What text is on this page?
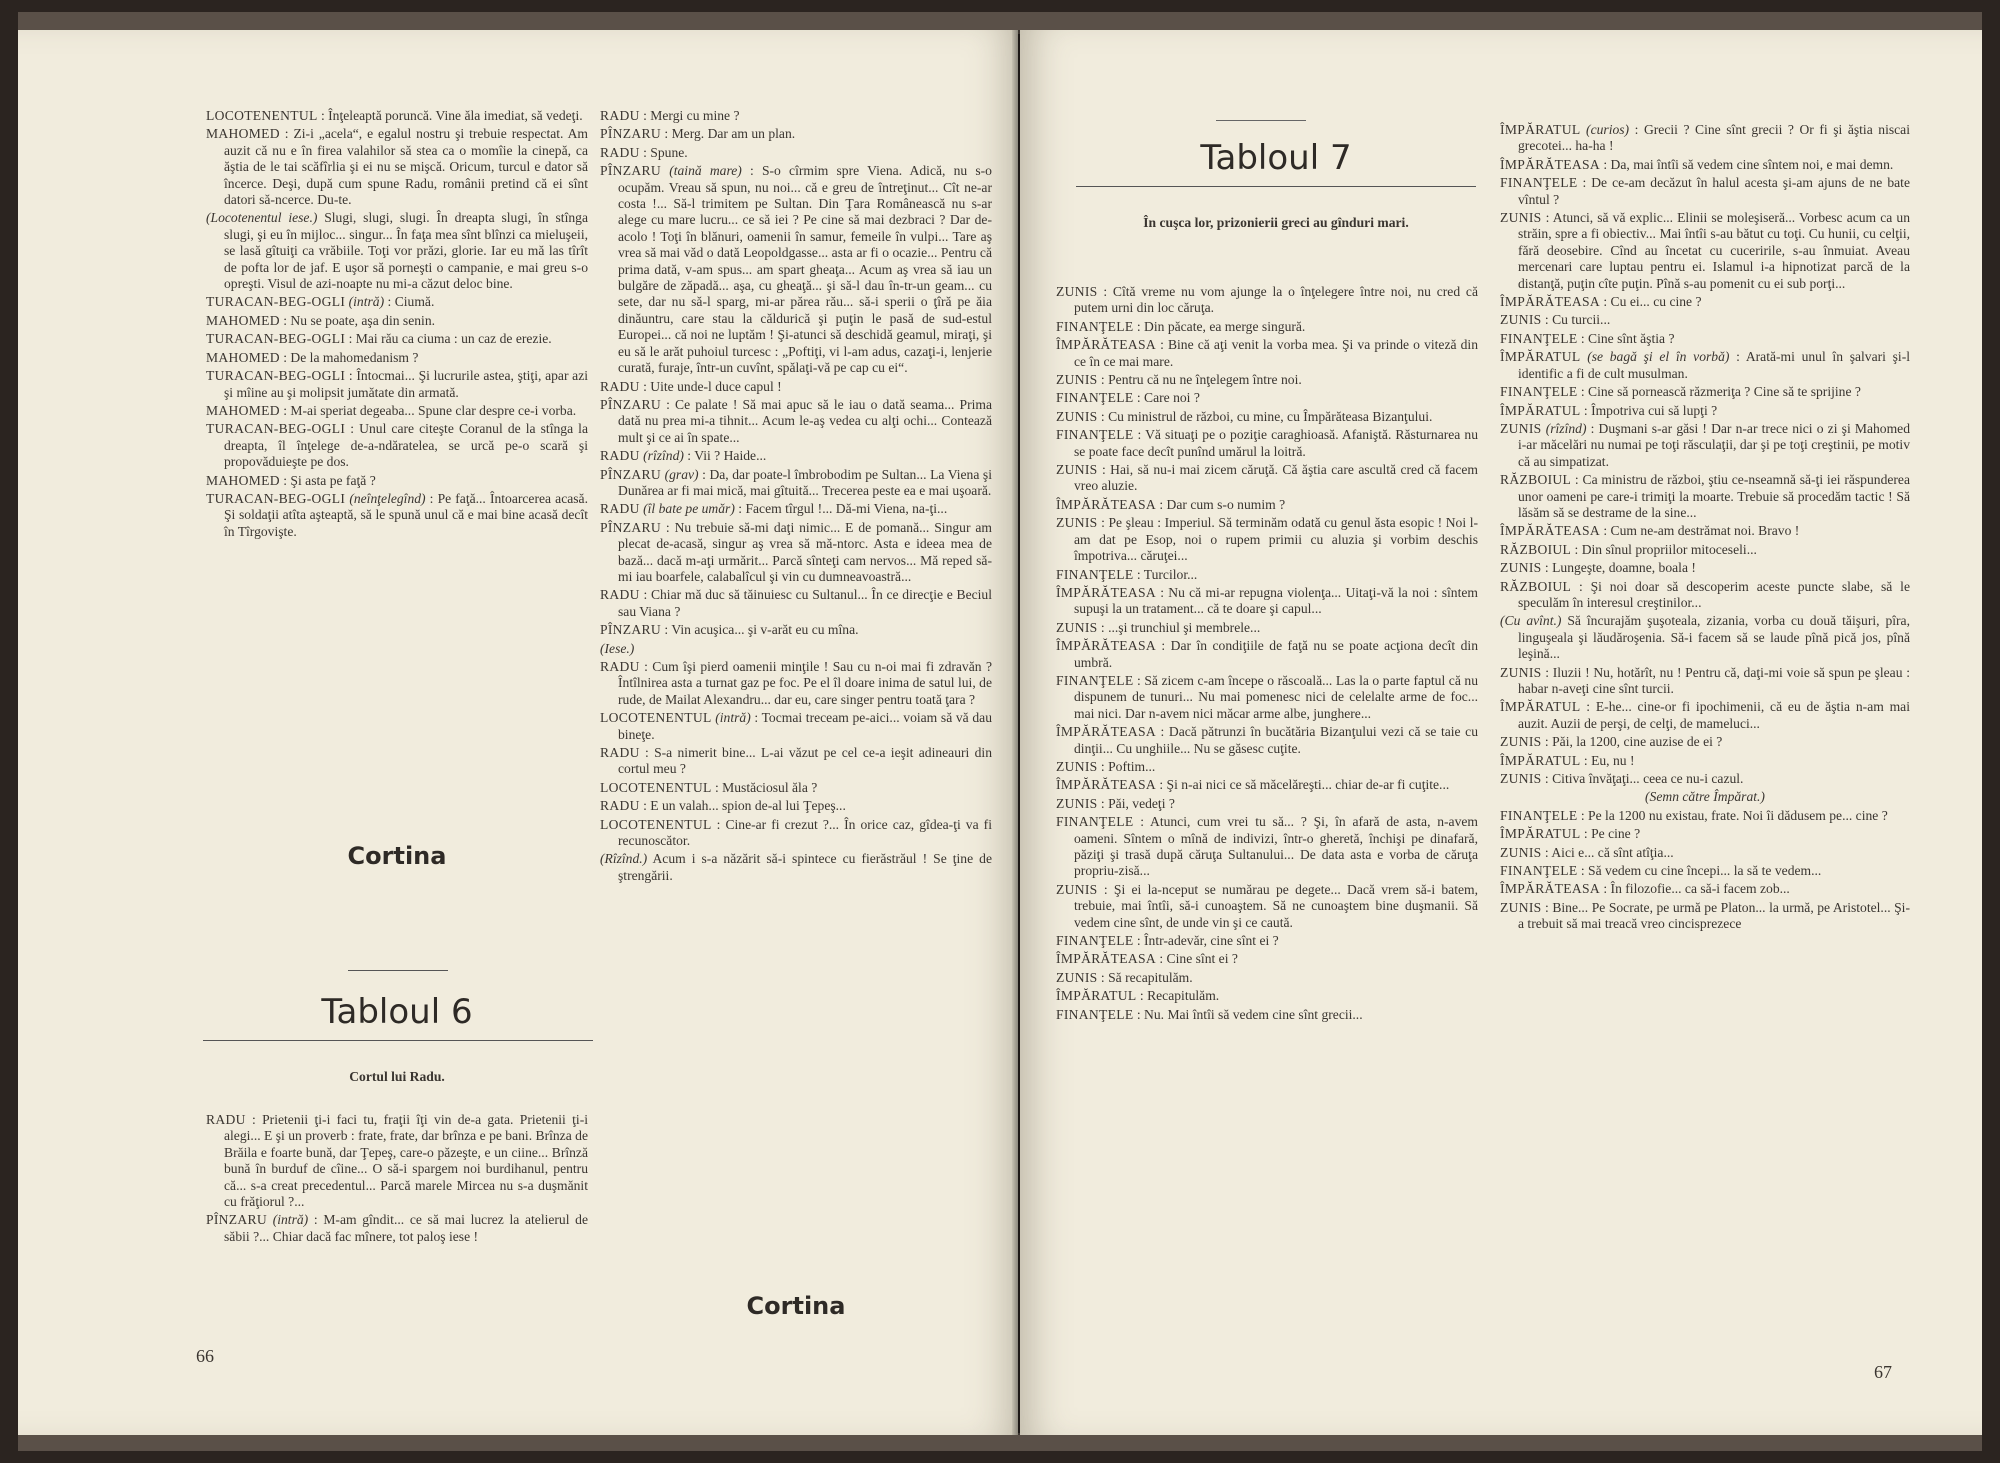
LOCOTENENTUL : Înţeleaptă poruncă. Vine ăla imediat, să vedeţi.

MAHOMED : Zi-i „acela“, e egalul nostru şi trebuie respectat. Am auzit că nu e în firea valahilor să stea ca o momîie la cinepă, ca ăştia de le tai scăfîrlia şi ei nu se mişcă. Oricum, turcul e dator să încerce. Deşi, după cum spune Radu, românii pretind că ei sînt datori să-ncerce. Du-te.

(Locotenentul iese.) Slugi, slugi, slugi. În dreapta slugi, în stînga slugi, şi eu în mijloc... singur... În faţa mea sînt blînzi ca mieluşeii, se lasă gîtuiţi ca vrăbiile. Toţi vor prăzi, glorie. Iar eu mă las tîrît de pofta lor de jaf. E uşor să porneşti o campanie, e mai greu s-o opreşti. Visul de azi-noapte nu mi-a căzut deloc bine.

TURACAN-BEG-OGLI (intră) : Ciumă.

MAHOMED : Nu se poate, aşa din senin.

TURACAN-BEG-OGLI : Mai rău ca ciuma : un caz de erezie.

MAHOMED : De la mahomedanism ?

TURACAN-BEG-OGLI : Întocmai... Şi lucrurile astea, ştiţi, apar azi şi mîine au şi molipsit jumătate din armată.

MAHOMED : M-ai speriat degeaba... Spune clar despre ce-i vorba.

TURACAN-BEG-OGLI : Unul care citeşte Coranul de la stînga la dreapta, îl înţelege de-a-ndăratelea, se urcă pe-o scară şi propovăduieşte pe dos.

MAHOMED : Şi asta pe faţă ?

TURACAN-BEG-OGLI (neînţelegînd) : Pe faţă... Întoarcerea acasă. Şi soldaţii atîta aşteaptă, să le spună unul că e mai bine acasă decît în Tîrgovişte.

Cortina
Tabloul 6
Cortul lui Radu.

RADU : Prietenii ţi-i faci tu, fraţii îţi vin de-a gata. Prietenii ţi-i alegi... E şi un proverb : frate, frate, dar brînza e pe bani. Brînza de Brăila e foarte bună, dar Ţepeş, care-o păzeşte, e un ciine... Brînză bună în burduf de cîine... O să-i spargem noi burdihanul, pentru că... s-a creat precedentul... Parcă marele Mircea nu s-a duşmănit cu frăţiorul ?...

PÎNZARU (intră) : M-am gîndit... ce să mai lucrez la atelierul de săbii ?... Chiar dacă fac mînere, tot paloş iese !

RADU : Mergi cu mine ?

PÎNZARU : Merg. Dar am un plan.

RADU : Spune.

PÎNZARU (taină mare) : S-o cîrmim spre Viena. Adică, nu s-o ocupăm. Vreau să spun, nu noi... că e greu de întreţinut... Cît ne-ar costa !... Să-l trimitem pe Sultan. Din Ţara Românească nu s-ar alege cu mare lucru... ce să iei ? Pe cine să mai dezbraci ? Dar de-acolo ! Toţi în blănuri, oamenii în samur, femeile în vulpi... Tare aş vrea să mai văd o dată Leopoldgasse... asta ar fi o ocazie... Pentru că prima dată, v-am spus... am spart gheaţa... Acum aş vrea să iau un bulgăre de zăpadă... aşa, cu gheaţă... şi să-l dau în-tr-un geam... cu sete, dar nu să-l sparg, mi-ar părea rău... să-i sperii o ţîră pe ăia dinăuntru, care stau la căldurică şi puţin le pasă de sud-estul Europei... că noi ne luptăm ! Şi-atunci să deschidă geamul, miraţi, şi eu să le arăt puhoiul turcesc : „Poftiţi, vi l-am adus, cazaţi-i, lenjerie curată, furaje, într-un cuvînt, spălaţi-vă pe cap cu ei“.

RADU : Uite unde-l duce capul !

PÎNZARU : Ce palate ! Să mai apuc să le iau o dată seama... Prima dată nu prea mi-a tihnit... Acum le-aş vedea cu alţi ochi... Contează mult şi ce ai în spate...

RADU (rîzînd) : Vii ? Haide...

PÎNZARU (grav) : Da, dar poate-l îmbrobodim pe Sultan... La Viena şi Dunărea ar fi mai mică, mai gîtuită... Trecerea peste ea e mai uşoară.

RADU (îl bate pe umăr) : Facem tîrgul !... Dă-mi Viena, na-ţi...

PÎNZARU : Nu trebuie să-mi daţi nimic... E de pomană... Singur am plecat de-acasă, singur aş vrea să mă-ntorc. Asta e ideea mea de bază... dacă m-aţi urmărit... Parcă sînteţi cam nervos... Mă reped să-mi iau boarfele, calabalîcul şi vin cu dumneavoastră...

RADU : Chiar mă duc să tăinuiesc cu Sultanul... În ce direcţie e Beciul sau Viana ?

PÎNZARU : Vin acuşica... şi v-arăt eu cu mîna.

(Iese.)

RADU : Cum îşi pierd oamenii minţile ! Sau cu n-oi mai fi zdravăn ? Întîlnirea asta a turnat gaz pe foc. Pe el îl doare inima de satul lui, de rude, de Mailat Alexandru... dar eu, care singer pentru toată ţara ?

LOCOTENENTUL (intră) : Tocmai treceam pe-aici... voiam să vă dau bineţe.

RADU : S-a nimerit bine... L-ai văzut pe cel ce-a ieşit adineauri din cortul meu ?

LOCOTENENTUL : Mustăciosul ăla ?

RADU : E un valah... spion de-al lui Ţepeş...

LOCOTENENTUL : Cine-ar fi crezut ?... În orice caz, gîdea-ţi va fi recunoscător.

(Rîzînd.) Acum i s-a năzărit să-i spintece cu fierăstrăul ! Se ţine de ştrengării.

Cortina
66
Tabloul 7
În cuşca lor, prizonierii greci au gînduri mari.

ZUNIS : Cîtă vreme nu vom ajunge la o înţelegere între noi, nu cred că putem urni din loc căruţa.

FINANŢELE : Din păcate, ea merge singură.

ÎMPĂRĂTEASA : Bine că aţi venit la vorba mea. Şi va prinde o viteză din ce în ce mai mare.

ZUNIS : Pentru că nu ne înţelegem între noi.

FINANŢELE : Care noi ?

ZUNIS : Cu ministrul de război, cu mine, cu Împărăteasa Bizanţului.

FINANŢELE : Vă situaţi pe o poziţie caraghioasă. Afaniştă. Răsturnarea nu se poate face decît punînd umărul la loitră.

ZUNIS : Hai, să nu-i mai zicem căruţă. Că ăştia care ascultă cred că facem vreo aluzie.

ÎMPĂRĂTEASA : Dar cum s-o numim ?

ZUNIS : Pe şleau : Imperiul. Să terminăm odată cu genul ăsta esopic ! Noi l-am dat pe Esop, noi o rupem primii cu aluzia şi vorbim deschis împotriva... căruţei...

FINANŢELE : Turcilor...

ÎMPĂRĂTEASA : Nu că mi-ar repugna violenţa... Uitaţi-vă la noi : sîntem supuşi la un tratament... că te doare şi capul...

ZUNIS : ...şi trunchiul şi membrele...

ÎMPĂRĂTEASA : Dar în condiţiile de faţă nu se poate acţiona decît din umbră.

FINANŢELE : Să zicem c-am începe o răscoală... Las la o parte faptul că nu dispunem de tunuri... Nu mai pomenesc nici de celelalte arme de foc... mai nici. Dar n-avem nici măcar arme albe, junghere...

ÎMPĂRĂTEASA : Dacă pătrunzi în bucătăria Bizanţului vezi că se taie cu dinţii... Cu unghiile... Nu se găsesc cuţite.

ZUNIS : Poftim...

ÎMPĂRĂTEASA : Şi n-ai nici ce să măcelăreşti... chiar de-ar fi cuţite...

ZUNIS : Păi, vedeţi ?

FINANŢELE : Atunci, cum vrei tu să... ? Şi, în afară de asta, n-avem oameni. Sîntem o mînă de indivizi, într-o gheretă, închişi pe dinafară, păziţi şi trasă după căruţa Sultanului... De data asta e vorba de căruţa propriu-zisă...

ZUNIS : Şi ei la-nceput se numărau pe degete... Dacă vrem să-i batem, trebuie, mai întîi, să-i cunoaştem. Să ne cunoaştem bine duşmanii. Să vedem cine sînt, de unde vin şi ce caută.

FINANŢELE : Într-adevăr, cine sînt ei ?

ÎMPĂRĂTEASA : Cine sînt ei ?

ZUNIS : Să recapitulăm.

ÎMPĂRATUL : Recapitulăm.

FINANŢELE : Nu. Mai întîi să vedem cine sînt grecii...

ÎMPĂRATUL (curios) : Grecii ? Cine sînt grecii ? Or fi şi ăştia niscai grecotei... ha-ha !

ÎMPĂRĂTEASA : Da, mai întîi să vedem cine sîntem noi, e mai demn.

FINANŢELE : De ce-am decăzut în halul acesta şi-am ajuns de ne bate vîntul ?

ZUNIS : Atunci, să vă explic... Elinii se moleşiseră... Vorbesc acum ca un străin, spre a fi obiectiv... Mai întîi s-au bătut cu toţi. Cu hunii, cu celţii, fără deosebire. Cînd au încetat cu cuceririle, s-au înmuiat. Aveau mercenari care luptau pentru ei. Islamul i-a hipnotizat parcă de la distanţă, puţin cîte puţin. Pînă s-au pomenit cu ei sub porţi...

ÎMPĂRĂTEASA : Cu ei... cu cine ?

ZUNIS : Cu turcii...

FINANŢELE : Cine sînt ăştia ?

ÎMPĂRATUL (se bagă şi el în vorbă) : Arată-mi unul în şalvari şi-l identific a fi de cult musulman.

FINANŢELE : Cine să pornească răzmeriţa ? Cine să te sprijine ?

ÎMPĂRATUL : Împotriva cui să lupţi ?

ZUNIS (rîzînd) : Duşmani s-ar găsi ! Dar n-ar trece nici o zi şi Mahomed i-ar măcelări nu numai pe toţi răsculaţii, dar şi pe toţi creştinii, pe motiv că au simpatizat.

RĂZBOIUL : Ca ministru de război, ştiu ce-nseamnă să-ţi iei răspunderea unor oameni pe care-i trimiţi la moarte. Trebuie să procedăm tactic ! Să lăsăm să se destrame de la sine...

ÎMPĂRĂTEASA : Cum ne-am destrămat noi. Bravo !

RĂZBOIUL : Din sînul propriilor mitoceseli...

ZUNIS : Lungeşte, doamne, boala !

RĂZBOIUL : Şi noi doar să descoperim aceste puncte slabe, să le speculăm în interesul creştinilor...

(Cu avînt.) Să încurajăm şuşoteala, zizania, vorba cu două tăişuri, pîra, linguşeala şi lăudăroşenia. Să-i facem să se laude pînă pică jos, pînă leşină...

ZUNIS : Iluzii ! Nu, hotărît, nu ! Pentru că, daţi-mi voie să spun pe şleau : habar n-aveţi cine sînt turcii.

ÎMPĂRATUL : E-he... cine-or fi ipochimenii, că eu de ăştia n-am mai auzit. Auzii de perşi, de celţi, de mameluci...

ZUNIS : Păi, la 1200, cine auzise de ei ?

ÎMPĂRATUL : Eu, nu !

ZUNIS : Citiva învăţaţi... ceea ce nu-i cazul.

(Semn către Împărat.)

FINANŢELE : Pe la 1200 nu existau, frate. Noi îi dădusem pe... cine ?

ÎMPĂRATUL : Pe cine ?

ZUNIS : Aici e... că sînt atîţia...

FINANŢELE : Să vedem cu cine începi... la să te vedem...

ÎMPĂRĂTEASA : În filozofie... ca să-i facem zob...

ZUNIS : Bine... Pe Socrate, pe urmă pe Platon... la urmă, pe Aristotel... Şi-a trebuit să mai treacă vreo cincisprezece

67
